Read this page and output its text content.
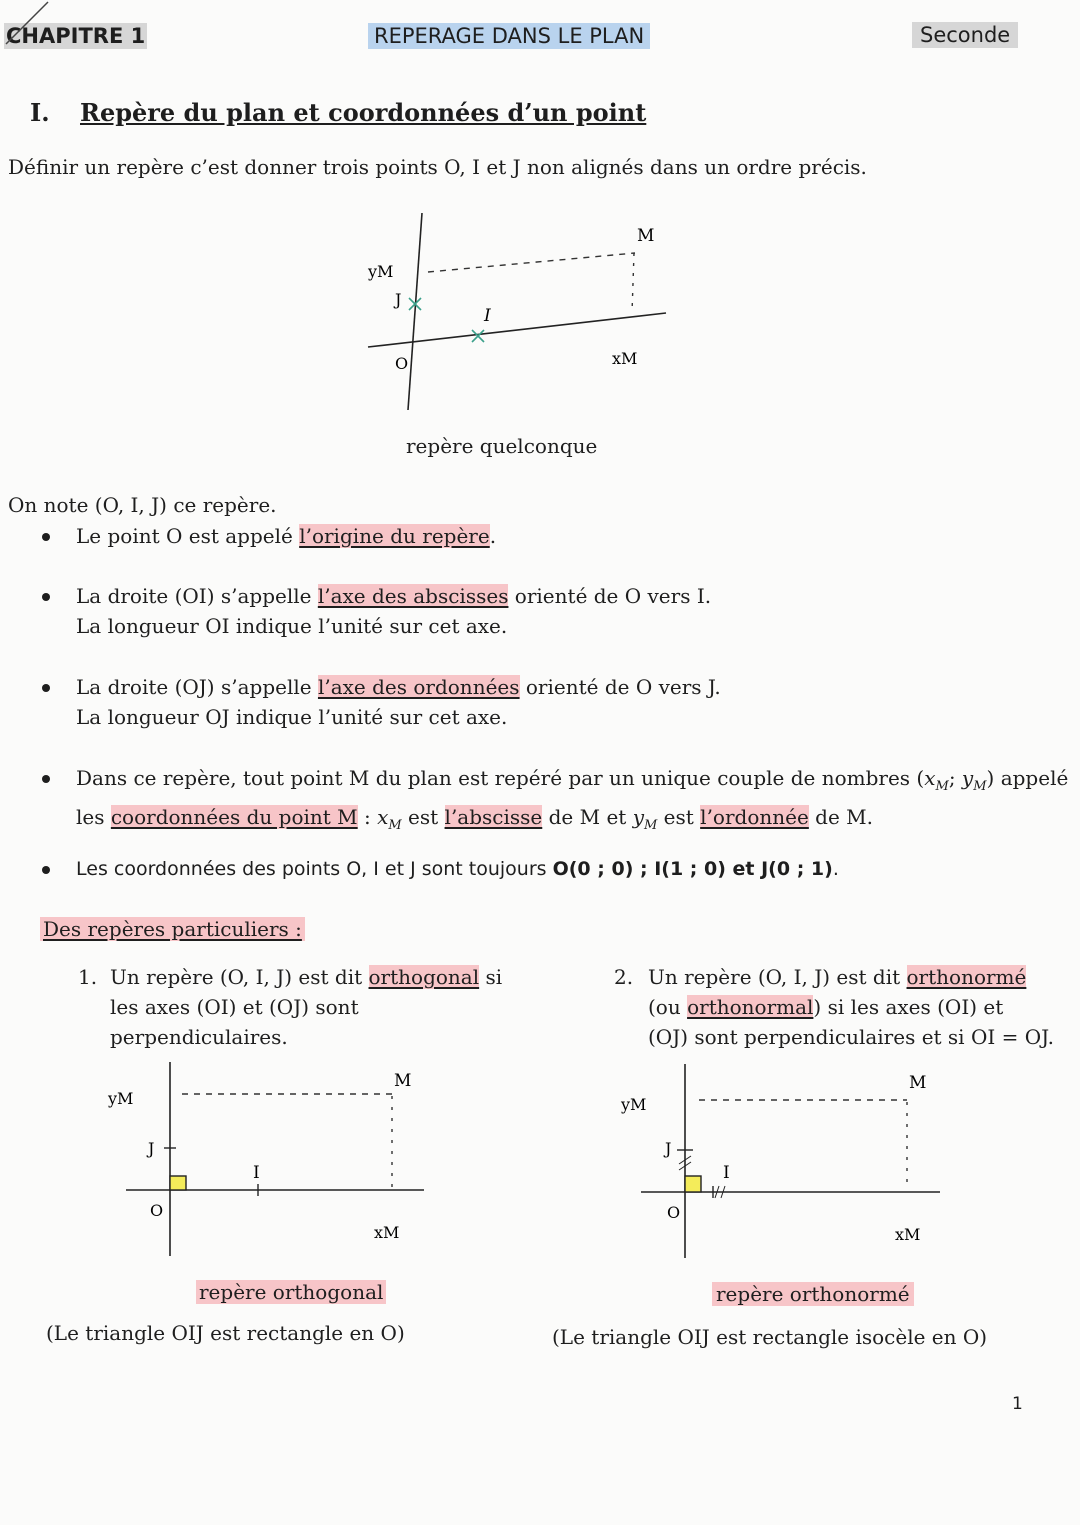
CHAPITRE 1	REPERAGE DANS LE PLAN	Seconde
I. Repère du plan et coordonnées d’un point
Définir un repère c’est donner trois points O, I et J non alignés dans un ordre précis.
M
yM
J
I
O	xM
repère quelconque
On note (O, I, J) ce repère.
Le point O est appelé l’origine du repère.
La droite (OI) s’appelle l’axe des abscisses orienté de O vers I.
La longueur OI indique l’unité sur cet axe.
La droite (OJ) s’appelle l’axe des ordonnées orienté de O vers J.
La longueur OJ indique l’unité sur cet axe.
Dans ce repère, tout point M du plan est repéré par un unique couple de nombres ($x_M$; $y_M$) appelé
les coordonnées du point M : $x_M$ est l’abscisse de M et $y_M$ est l’ordonnée de M.
Les coordonnées des points O, I et J sont toujours O(0 ; 0) ; I(1 ; 0) et J(0 ; 1).
Des repères particuliers :
1. Un repère (O, I, J) est dit orthogonal si
les axes (OI) et (OJ) sont
perpendiculaires.
2. Un repère (O, I, J) est dit orthonormé
(ou orthonormal) si les axes (OI) et
(OJ) sont perpendiculaires et si OI = OJ.
M
yM
J
I
O
xM
repère orthogonal
(Le triangle OIJ est rectangle en O)
M
yM
J
I
O
xM
repère orthonormé
(Le triangle OIJ est rectangle isocèle en O)
1
